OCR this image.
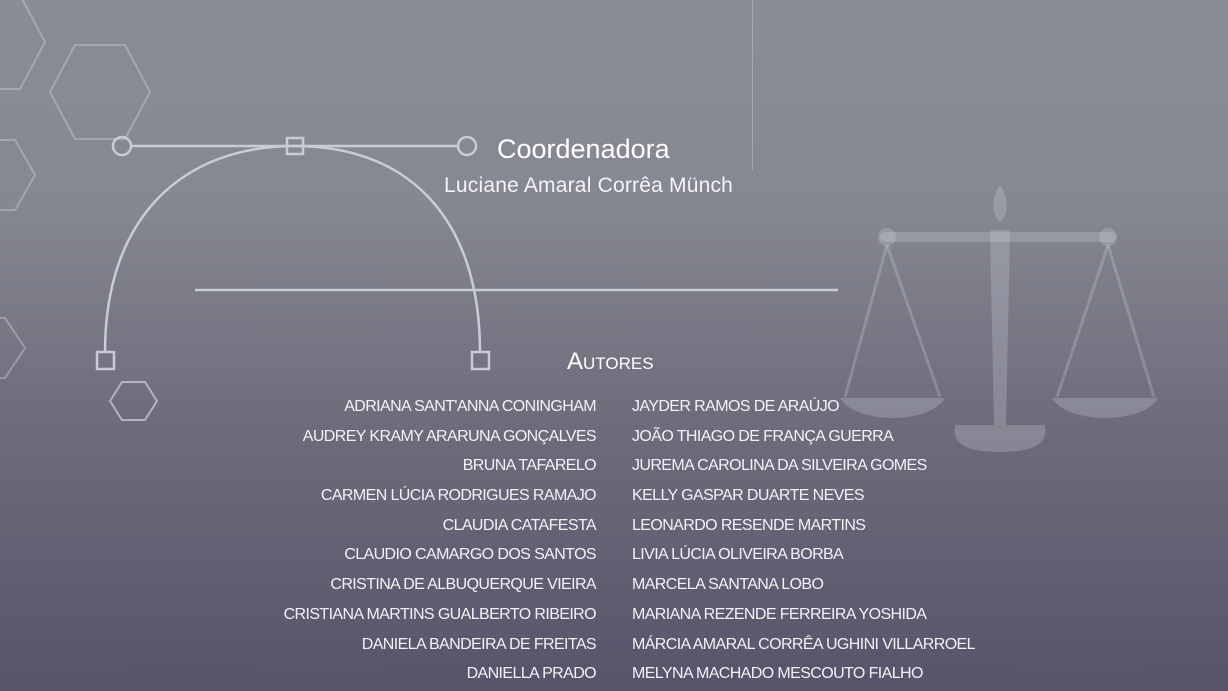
Coordenadora
Luciane Amaral Corrêa Münch
Autores
ADRIANA SANT'ANNA CONINGHAM
AUDREY KRAMY ARARUNA GONÇALVES
BRUNA TAFARELO
CARMEN LÚCIA RODRIGUES RAMAJO
CLAUDIA CATAFESTA
CLAUDIO CAMARGO DOS SANTOS
CRISTINA DE ALBUQUERQUE VIEIRA
CRISTIANA MARTINS GUALBERTO RIBEIRO
DANIELA BANDEIRA DE FREITAS
DANIELLA PRADO
JAYDER RAMOS DE ARAÚJO
JOÃO THIAGO DE FRANÇA GUERRA
JUREMA CAROLINA DA SILVEIRA GOMES
KELLY GASPAR DUARTE NEVES
LEONARDO RESENDE MARTINS
LIVIA LÚCIA OLIVEIRA BORBA
MARCELA SANTANA LOBO
MARIANA REZENDE FERREIRA YOSHIDA
MÁRCIA AMARAL CORRÊA UGHINI VILLARROEL
MELYNA MACHADO MESCOUTO FIALHO
